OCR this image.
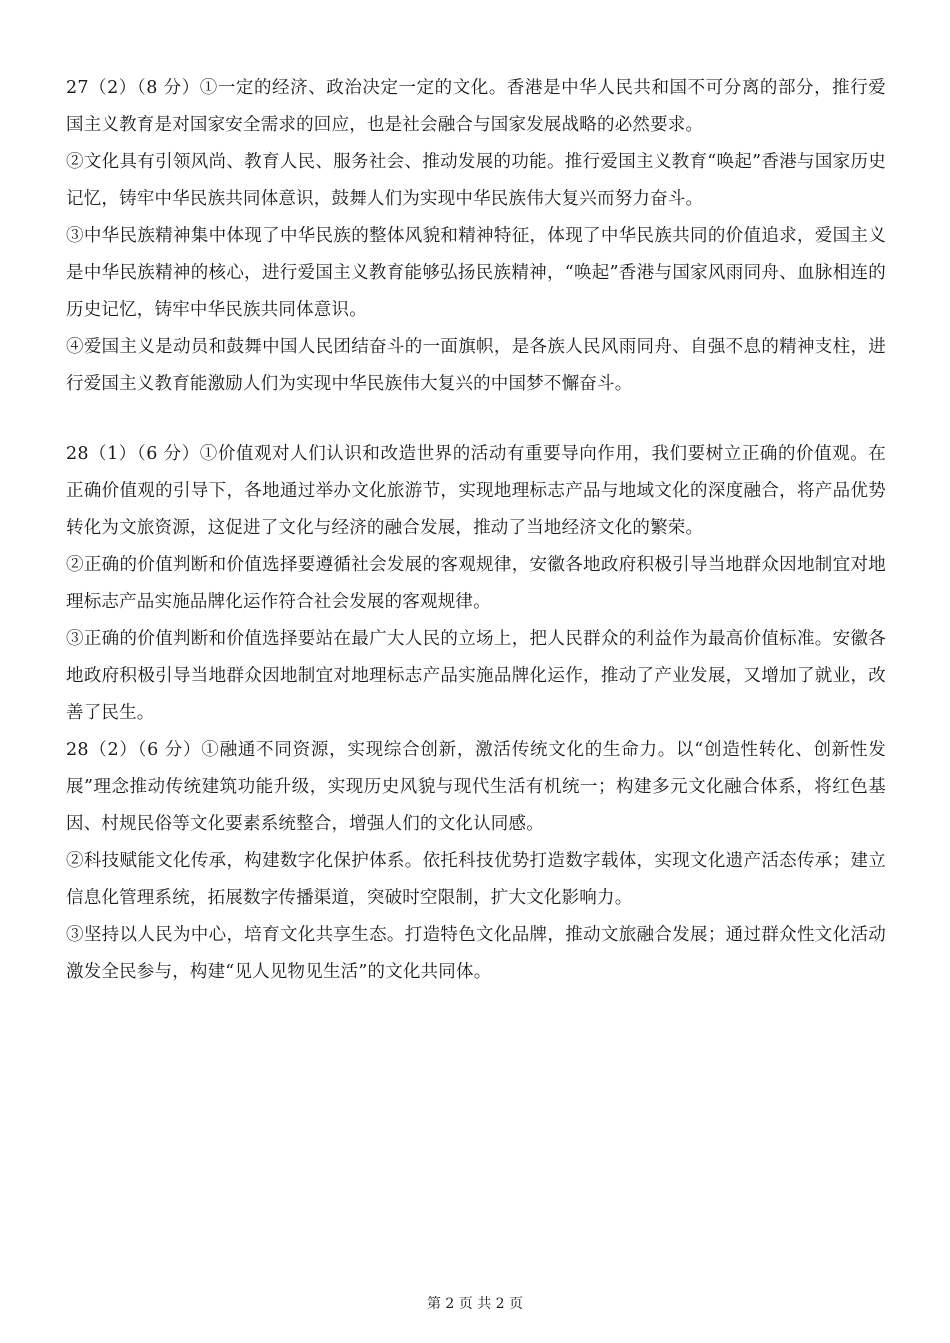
27（2）（8 分）①一定的经济、政治决定一定的文化。香港是中华人民共和国不可分离的部分，推行爱国主义教育是对国家安全需求的回应，也是社会融合与国家发展战略的必然要求。

②文化具有引领风尚、教育人民、服务社会、推动发展的功能。推行爱国主义教育“唤起”香港与国家历史记忆，铸牢中华民族共同体意识，鼓舞人们为实现中华民族伟大复兴而努力奋斗。

③中华民族精神集中体现了中华民族的整体风貌和精神特征，体现了中华民族共同的价值追求，爱国主义是中华民族精神的核心，进行爱国主义教育能够弘扬民族精神，“唤起”香港与国家风雨同舟、血脉相连的历史记忆，铸牢中华民族共同体意识。

④爱国主义是动员和鼓舞中国人民团结奋斗的一面旗帜，是各族人民风雨同舟、自强不息的精神支柱，进行爱国主义教育能激励人们为实现中华民族伟大复兴的中国梦不懈奋斗。

28（1）（6 分）①价值观对人们认识和改造世界的活动有重要导向作用，我们要树立正确的价值观。在正确价值观的引导下，各地通过举办文化旅游节，实现地理标志产品与地域文化的深度融合，将产品优势转化为文旅资源，这促进了文化与经济的融合发展，推动了当地经济文化的繁荣。

②正确的价值判断和价值选择要遵循社会发展的客观规律，安徽各地政府积极引导当地群众因地制宜对地理标志产品实施品牌化运作符合社会发展的客观规律。

③正确的价值判断和价值选择要站在最广大人民的立场上，把人民群众的利益作为最高价值标准。安徽各地政府积极引导当地群众因地制宜对地理标志产品实施品牌化运作，推动了产业发展，又增加了就业，改善了民生。

28（2）（6 分）①融通不同资源，实现综合创新，激活传统文化的生命力。以“创造性转化、创新性发展”理念推动传统建筑功能升级，实现历史风貌与现代生活有机统一；构建多元文化融合体系，将红色基因、村规民俗等文化要素系统整合，增强人们的文化认同感。

②科技赋能文化传承，构建数字化保护体系。依托科技优势打造数字载体，实现文化遗产活态传承；建立信息化管理系统，拓展数字传播渠道，突破时空限制，扩大文化影响力。

③坚持以人民为中心，培育文化共享生态。打造特色文化品牌，推动文旅融合发展；通过群众性文化活动激发全民参与，构建“见人见物见生活”的文化共同体。

第 2 页 共 2 页
